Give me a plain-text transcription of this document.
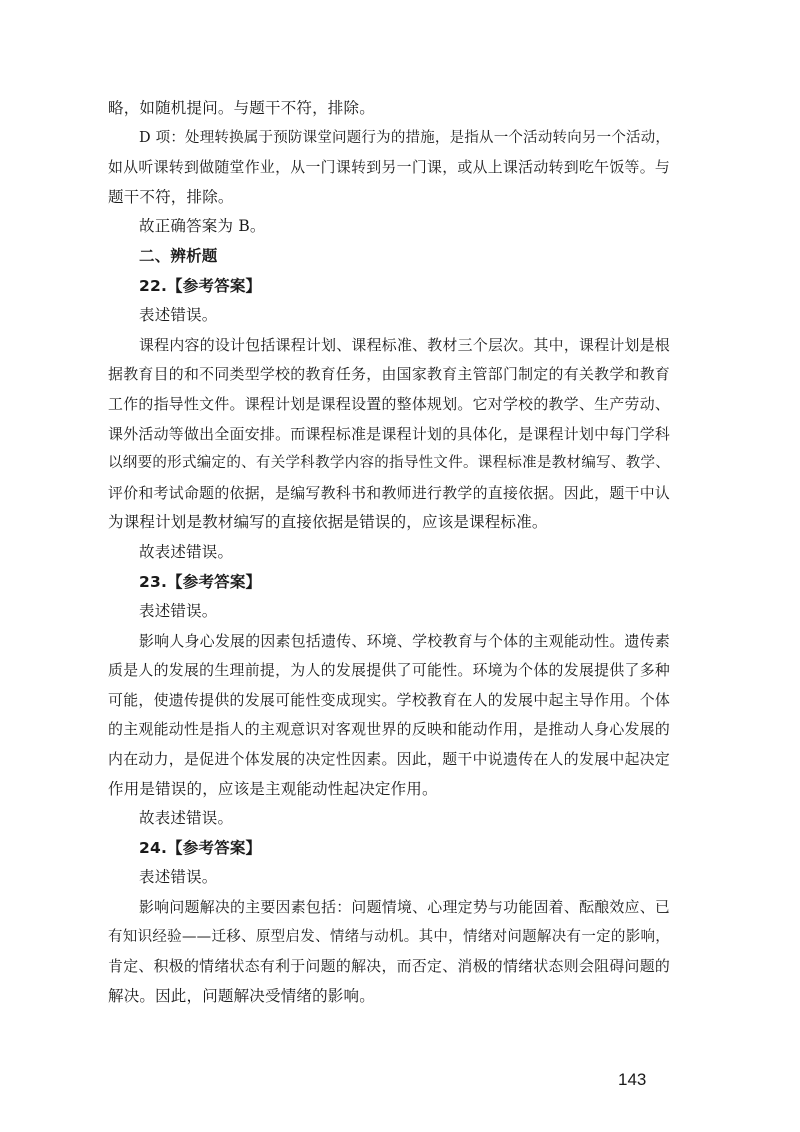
略，如随机提问。与题干不符，排除。
D 项：处理转换属于预防课堂问题行为的措施，是指从一个活动转向另一个活动，
如从听课转到做随堂作业，从一门课转到另一门课，或从上课活动转到吃午饭等。与
题干不符，排除。
故正确答案为 B。
二、辨析题
22.【参考答案】
表述错误。
课程内容的设计包括课程计划、课程标准、教材三个层次。其中，课程计划是根
据教育目的和不同类型学校的教育任务，由国家教育主管部门制定的有关教学和教育
工作的指导性文件。课程计划是课程设置的整体规划。它对学校的教学、生产劳动、
课外活动等做出全面安排。而课程标准是课程计划的具体化，是课程计划中每门学科
以纲要的形式编定的、有关学科教学内容的指导性文件。课程标准是教材编写、教学、
评价和考试命题的依据，是编写教科书和教师进行教学的直接依据。因此，题干中认
为课程计划是教材编写的直接依据是错误的，应该是课程标准。
故表述错误。
23.【参考答案】
表述错误。
影响人身心发展的因素包括遗传、环境、学校教育与个体的主观能动性。遗传素
质是人的发展的生理前提，为人的发展提供了可能性。环境为个体的发展提供了多种
可能，使遗传提供的发展可能性变成现实。学校教育在人的发展中起主导作用。个体
的主观能动性是指人的主观意识对客观世界的反映和能动作用，是推动人身心发展的
内在动力，是促进个体发展的决定性因素。因此，题干中说遗传在人的发展中起决定
作用是错误的，应该是主观能动性起决定作用。
故表述错误。
24.【参考答案】
表述错误。
影响问题解决的主要因素包括：问题情境、心理定势与功能固着、酝酿效应、已
有知识经验——迁移、原型启发、情绪与动机。其中，情绪对问题解决有一定的影响，
肯定、积极的情绪状态有利于问题的解决，而否定、消极的情绪状态则会阻碍问题的
解决。因此，问题解决受情绪的影响。
143
